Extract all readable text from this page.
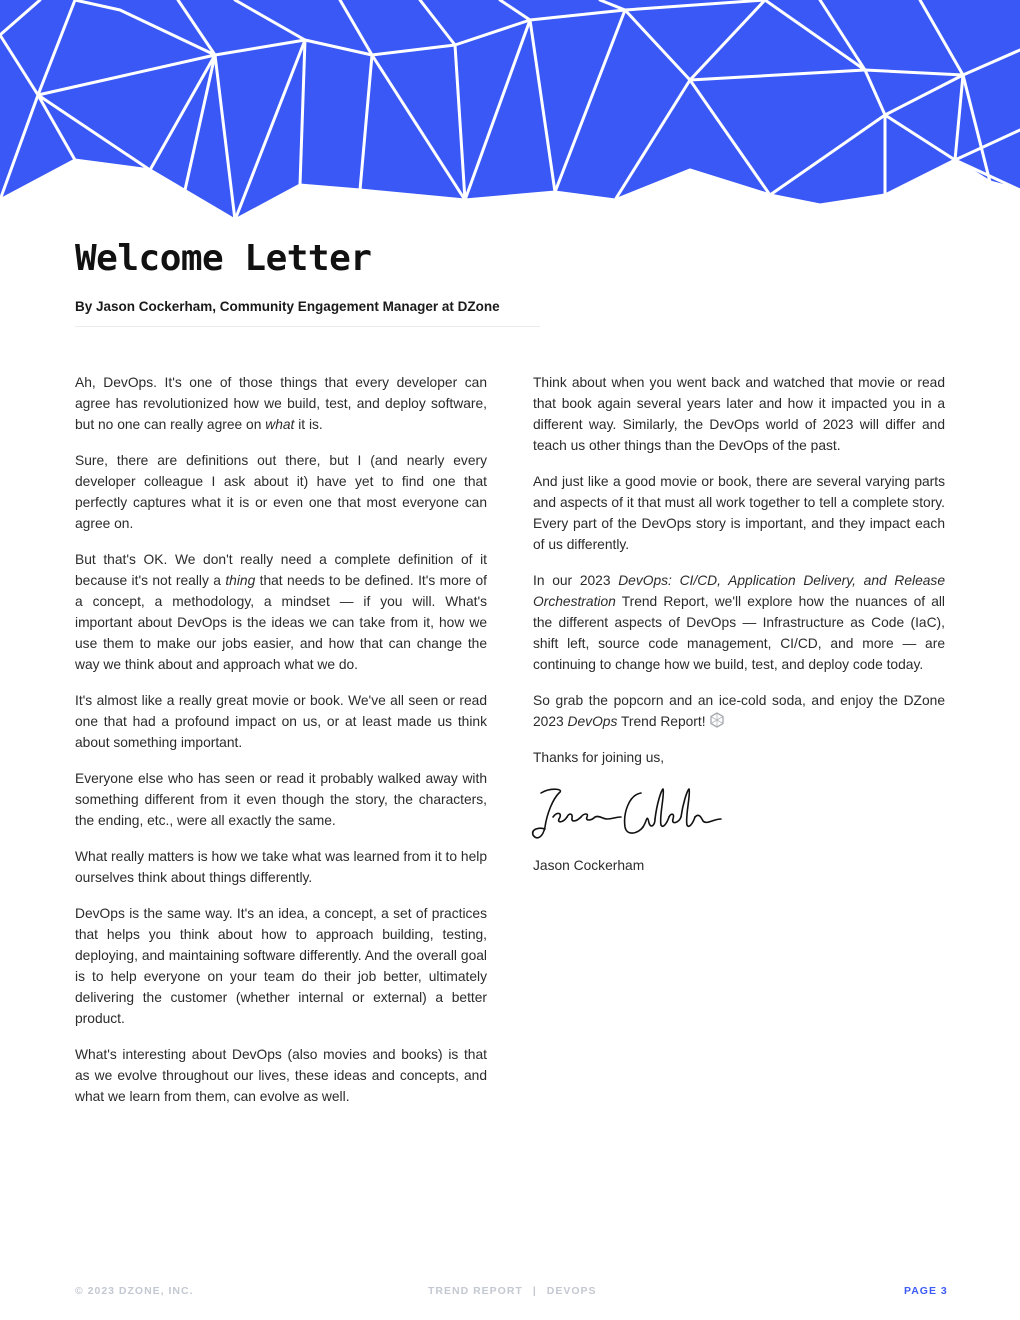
Welcome Letter
By Jason Cockerham, Community Engagement Manager at DZone

Ah, DevOps. It's one of those things that every developer can agree has revolutionized how we build, test, and deploy software, but no one can really agree on what it is.

Sure, there are definitions out there, but I (and nearly every developer colleague I ask about it) have yet to find one that perfectly captures what it is or even one that most everyone can agree on.

But that's OK. We don't really need a complete definition of it because it's not really a thing that needs to be defined. It's more of a concept, a methodology, a mindset — if you will. What's important about DevOps is the ideas we can take from it, how we use them to make our jobs easier, and how that can change the way we think about and approach what we do.

It's almost like a really great movie or book. We've all seen or read one that had a profound impact on us, or at least made us think about something important.

Everyone else who has seen or read it probably walked away with something different from it even though the story, the characters, the ending, etc., were all exactly the same.

What really matters is how we take what was learned from it to help ourselves think about things differently.

DevOps is the same way. It's an idea, a concept, a set of practices that helps you think about how to approach building, testing, deploying, and maintaining software differently. And the overall goal is to help everyone on your team do their job better, ultimately delivering the customer (whether internal or external) a better product.

What's interesting about DevOps (also movies and books) is that as we evolve throughout our lives, these ideas and concepts, and what we learn from them, can evolve as well.

Think about when you went back and watched that movie or read that book again several years later and how it impacted you in a different way. Similarly, the DevOps world of 2023 will differ and teach us other things than the DevOps of the past.

And just like a good movie or book, there are several varying parts and aspects of it that must all work together to tell a complete story. Every part of the DevOps story is important, and they impact each of us differently.

In our 2023 DevOps: CI/CD, Application Delivery, and Release Orchestration Trend Report, we'll explore how the nuances of all the different aspects of DevOps — Infrastructure as Code (IaC), shift left, source code management, CI/CD, and more — are continuing to change how we build, test, and deploy code today.

So grab the popcorn and an ice-cold soda, and enjoy the DZone 2023 DevOps Trend Report!

Thanks for joining us,

Jason Cockerham

© 2023 DZONE, INC.	TREND REPORT | DEVOPS	PAGE 3
